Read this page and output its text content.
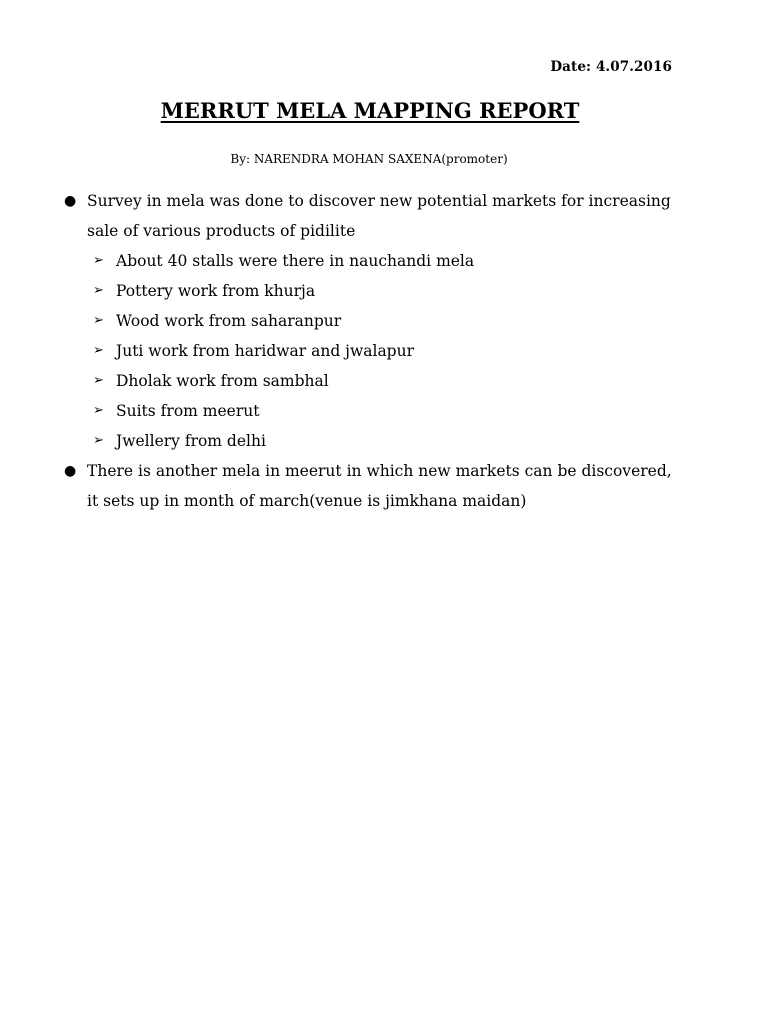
Date: 4.07.2016
MERRUT MELA MAPPING REPORT
By: NARENDRA MOHAN SAXENA(promoter)
● Survey in mela was done to discover new potential markets for increasing sale of various products of pidilite
➢ About 40 stalls were there in nauchandi mela
➢ Pottery work from khurja
➢ Wood work from saharanpur
➢ Juti work from haridwar and jwalapur
➢ Dholak work from sambhal
➢ Suits from meerut
➢ Jwellery from delhi
● There is another mela in meerut in which new markets can be discovered, it sets up in month of march(venue is jimkhana maidan)
